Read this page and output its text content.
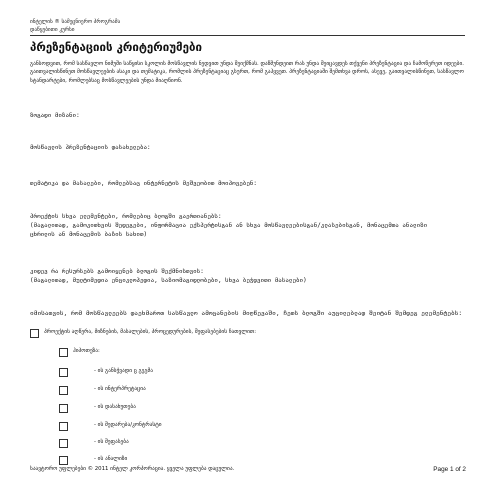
ინტელის ® სამეცნიერო პროგრამა
დაწყებითი კურსი
პრეზენტაციის კრიტერიუმები
განსოდვით, რომ სასწავლო ნიმუში საწყისი სკოლის მოსწავლის ნედვით უნდა შეიქმნას. დაწმუნდეით რას უნდა შეიცავდეს თქვენი პრეზენტაცია და ჩამოწერეთ იდეები. გაითვალისწინეთ მოსწავლეების ასაკი და თემატიკა, რომლის პრეზენტაციაც გსურთ, რომ გაჰყვეთ. პრეზენტაციაში შემთხვა დროს, ასევე, გაითვალისწინეთ, სასწავლო სტანდარტები, რომლებსაც მოსწავლეების უნდა მიაღწიონ.
ზოგადი მიზანი:
მოსწავლის პრეზენტაციის დასახელება:
თემატიკა და მასალები, რომლებსაც ინტერნეტის მეშვეობით მოიპოვებენ:
პროექტის სხვა ელემენტები, რომლებიც ბლოგში გაერთიანებს:
(მაგალითად, გამოკითხვის შედეგები, ინფორმაცია ექსპერტისგან ან სხვა მოსწავლეებისგან/კლასებისგან, მონაცემთა ანალიზი ცხრილის ან მონაცემის ბაზის სახით)
კიდევ რა რესურსებს გამოიყენებ ბლოგის შექმნისთვის:
(მაგალითად, მულტიმედია ენციკლოპედია, საზიომაგიდლობები, სხვა ბეჭდვითი მასალები)
იმისათვის, რომ მოსწავლეებს დაეხმაროთ სასწავლო ამოცანების მიღწევაში, ჩეთს ბლოგში აუცილებლად შეიტან შემდეგ ელემენტებს:
პროექტის აღწერა, მიზნების, მასალების, პროცედურების, შეფასებების ჩათვლით:
ჰიპოთეზა:
- ის განსჭვადი ც გეგმა
- ის ინტერპრეტაცია
- ის დასახუთება
- ის შედარება/კონტრასტი
- ის შეფასება
- ის ანალიზი
საავტორო უფლებები © 2011 ინტელ კორპორაცია. ყველა უფლება დაცულია.	Page 1 of 2
